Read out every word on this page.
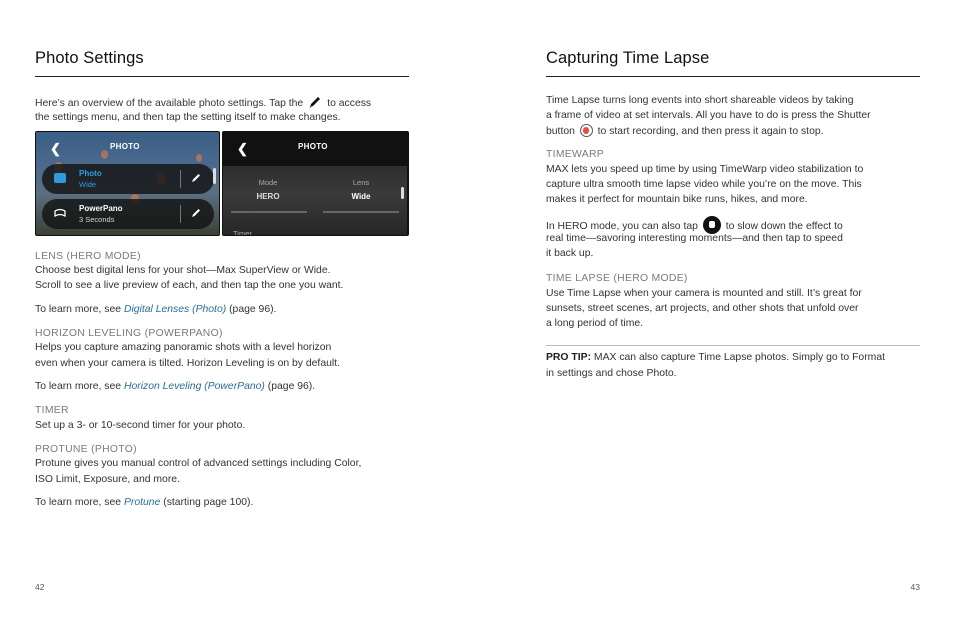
Photo Settings
Here’s an overview of the available photo settings. Tap the to access
the settings menu, and then tap the setting itself to make changes.
❮	PHOTO
Photo
Wide
PowerPano
3 Seconds
❮	PHOTO
Mode
HERO
Lens
Wide
Timer
LENS (HERO MODE)
Choose best digital lens for your shot—Max SuperView or Wide.
Scroll to see a live preview of each, and then tap the one you want.
To learn more, see Digital Lenses (Photo) (page 96).
HORIZON LEVELING (POWERPANO)
Helps you capture amazing panoramic shots with a level horizon
even when your camera is tilted. Horizon Leveling is on by default.
To learn more, see Horizon Leveling (PowerPano) (page 96).
TIMER
Set up a 3- or 10-second timer for your photo.
PROTUNE (PHOTO)
Protune gives you manual control of advanced settings including Color,
ISO Limit, Exposure, and more.
To learn more, see Protune (starting page 100).
42
Capturing Time Lapse
Time Lapse turns long events into short shareable videos by taking
a frame of video at set intervals. All you have to do is press the Shutter
button to start recording, and then press it again to stop.
TIMEWARP
MAX lets you speed up time by using TimeWarp video stabilization to
capture ultra smooth time lapse video while you’re on the move. This
makes it perfect for mountain bike runs, hikes, and more.
In HERO mode, you can also tap	to slow down the effect to
real time—savoring interesting moments—and then tap to speed
it back up.
TIME LAPSE (HERO MODE)
Use Time Lapse when your camera is mounted and still. It’s great for
sunsets, street scenes, art projects, and other shots that unfold over
a long period of time.
PRO TIP: MAX can also capture Time Lapse photos. Simply go to Format
in settings and chose Photo.
43
